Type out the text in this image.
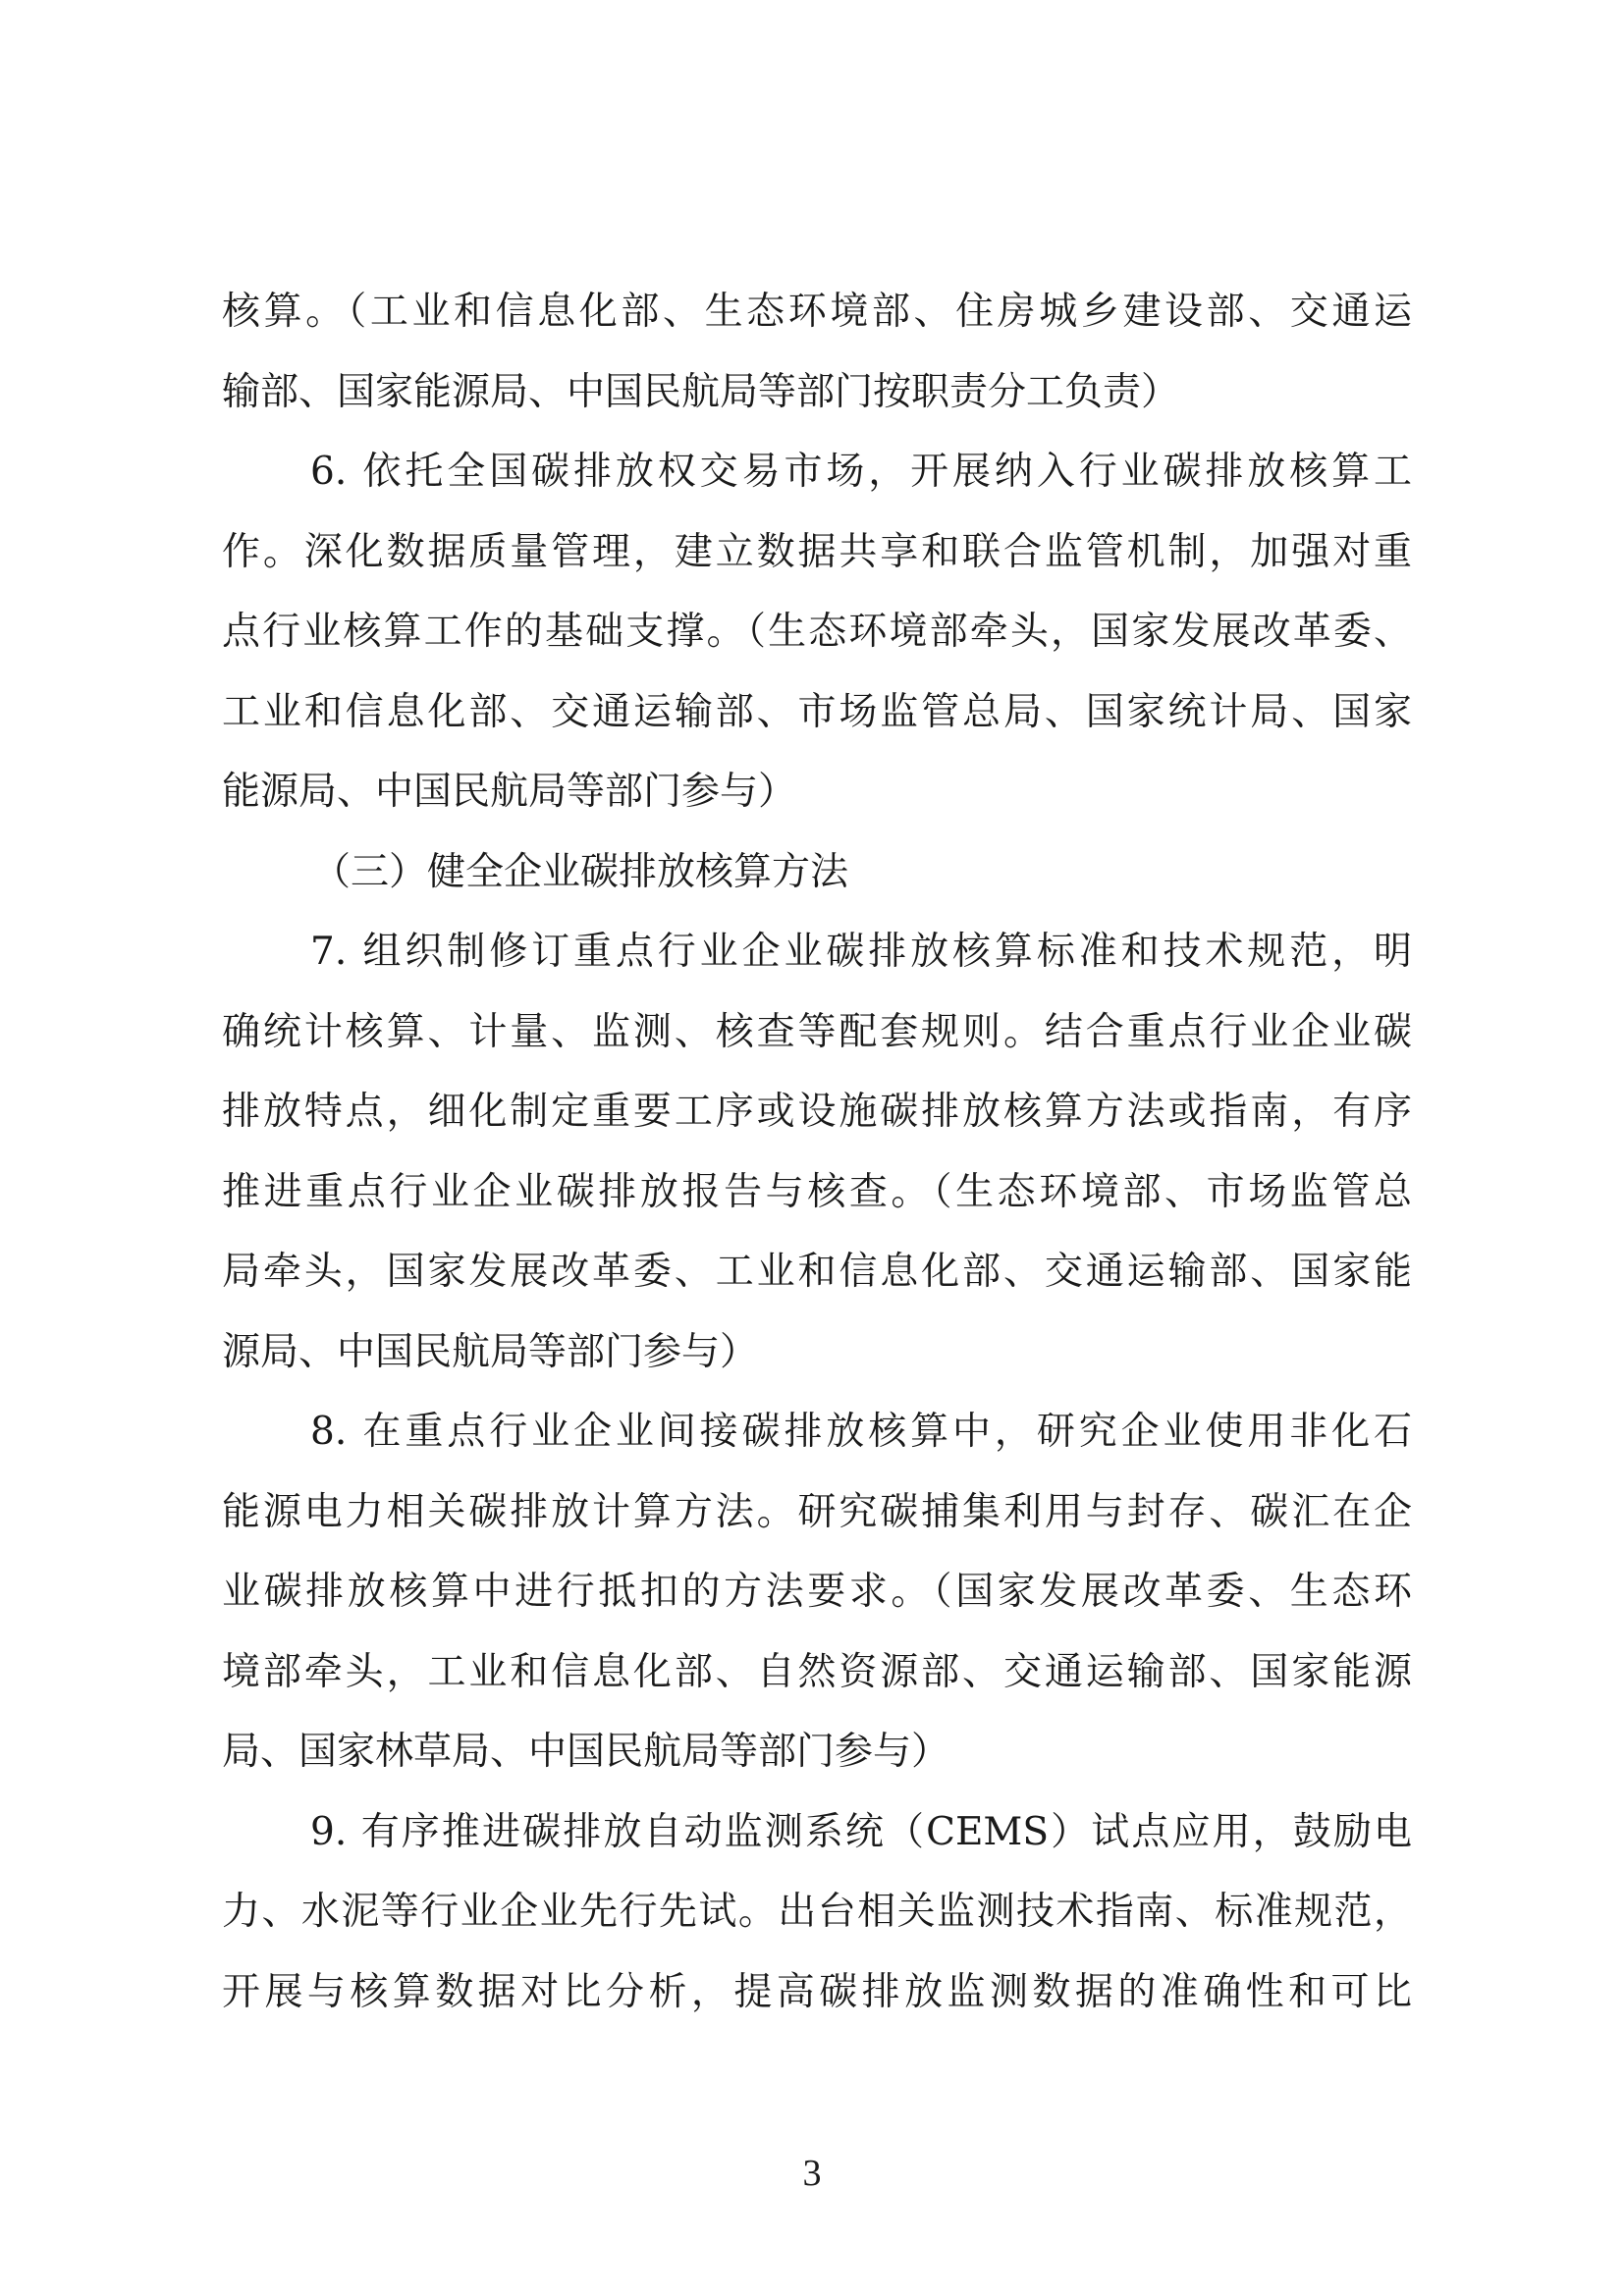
核算。（工业和信息化部、生态环境部、住房城乡建设部、交通运
输部、国家能源局、中国民航局等部门按职责分工负责）
6. 依托全国碳排放权交易市场，开展纳入行业碳排放核算工
作。深化数据质量管理，建立数据共享和联合监管机制，加强对重
点行业核算工作的基础支撑。（生态环境部牵头，国家发展改革委、
工业和信息化部、交通运输部、市场监管总局、国家统计局、国家
能源局、中国民航局等部门参与）
（三）健全企业碳排放核算方法
7. 组织制修订重点行业企业碳排放核算标准和技术规范，明
确统计核算、计量、监测、核查等配套规则。结合重点行业企业碳
排放特点，细化制定重要工序或设施碳排放核算方法或指南，有序
推进重点行业企业碳排放报告与核查。（生态环境部、市场监管总
局牵头，国家发展改革委、工业和信息化部、交通运输部、国家能
源局、中国民航局等部门参与）
8. 在重点行业企业间接碳排放核算中，研究企业使用非化石
能源电力相关碳排放计算方法。研究碳捕集利用与封存、碳汇在企
业碳排放核算中进行抵扣的方法要求。（国家发展改革委、生态环
境部牵头，工业和信息化部、自然资源部、交通运输部、国家能源
局、国家林草局、中国民航局等部门参与）
9. 有序推进碳排放自动监测系统（CEMS）试点应用，鼓励电
力、水泥等行业企业先行先试。出台相关监测技术指南、标准规范，
开展与核算数据对比分析，提高碳排放监测数据的准确性和可比
3
